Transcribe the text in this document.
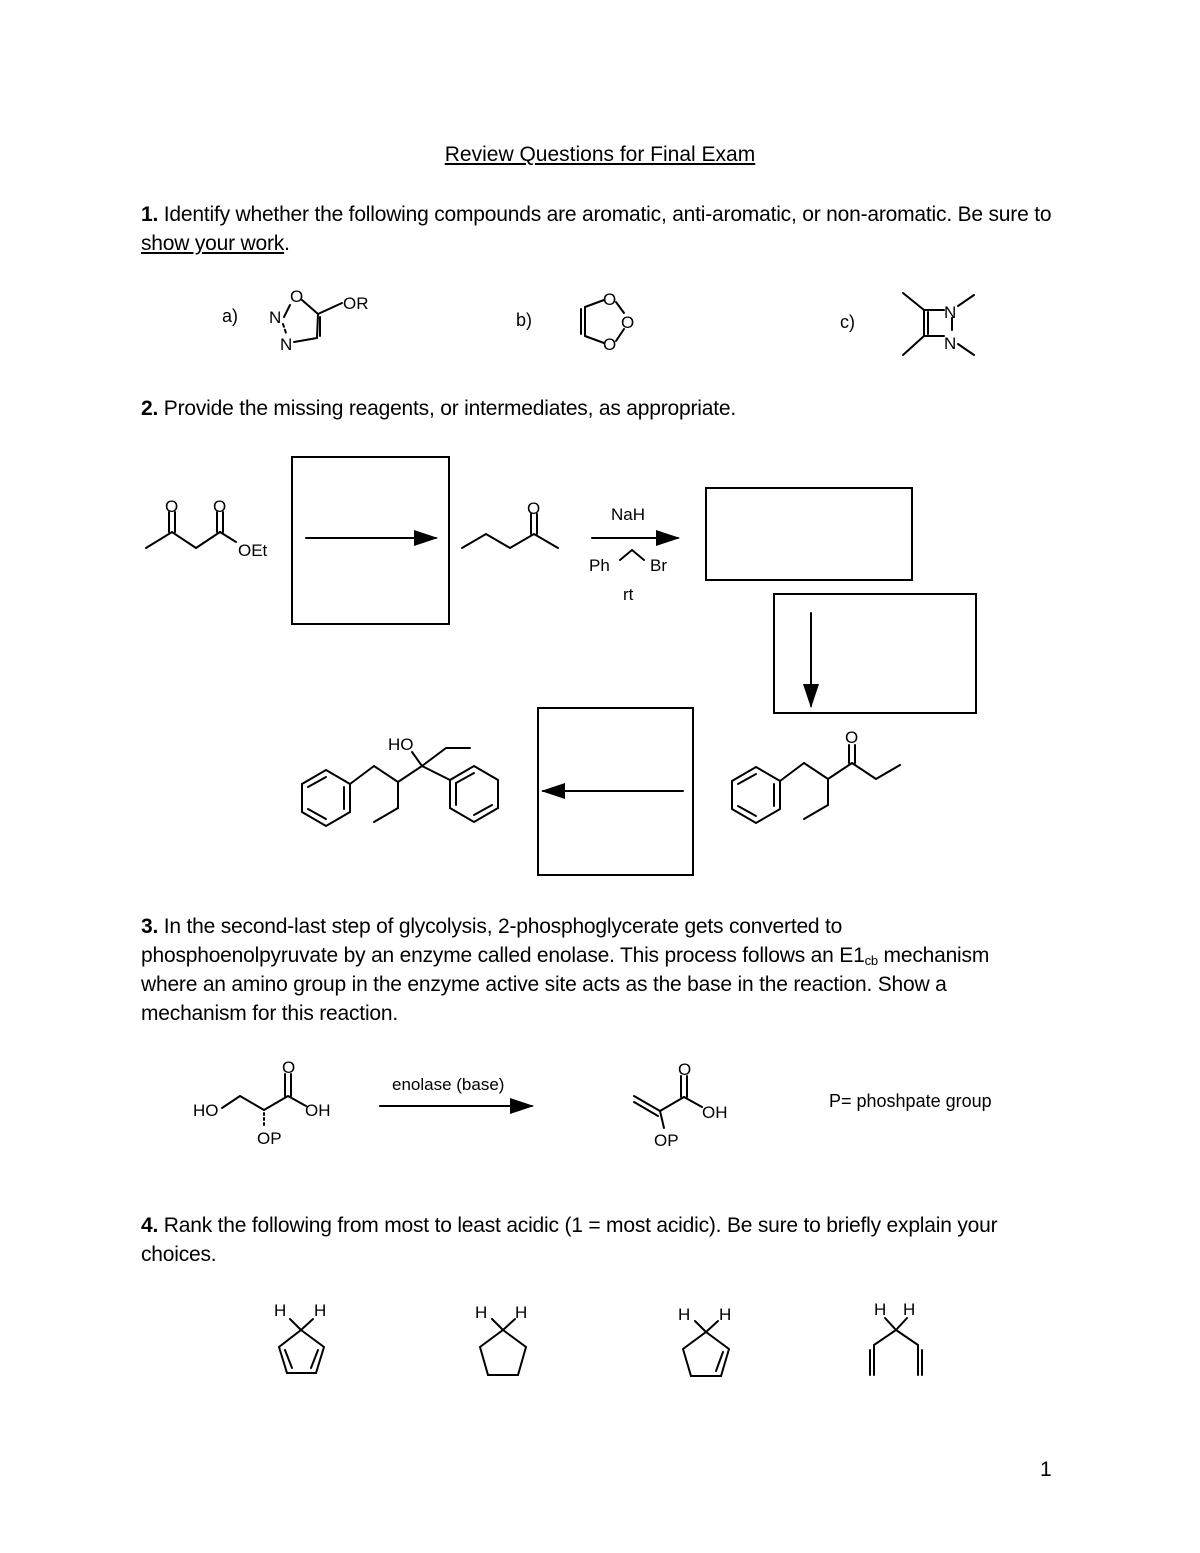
Review Questions for Final Exam
1. Identify whether the following compounds are aromatic, anti-aromatic, or non-aromatic. Be sure to show your work.
2. Provide the missing reagents, or intermediates, as appropriate.
3. In the second-last step of glycolysis, 2-phosphoglycerate gets converted to
phosphoenolpyruvate by an enzyme called enolase. This process follows an $E1_{cb}$ mechanism
where an amino group in the enzyme active site acts as the base in the reaction. Show a
mechanism for this reaction.
4. Rank the following from most to least acidic (1 = most acidic). Be sure to briefly explain your
choices.
1
a)	b)	c)
O
N
N
OR	O
O
O
N
N
O O
OEt
O	NaH
Ph Br
rt
O
HO
HO
O
OH
OP
enolase (base)
O
OH
OP
P= phoshpate group
H H	H H	H H	H H
